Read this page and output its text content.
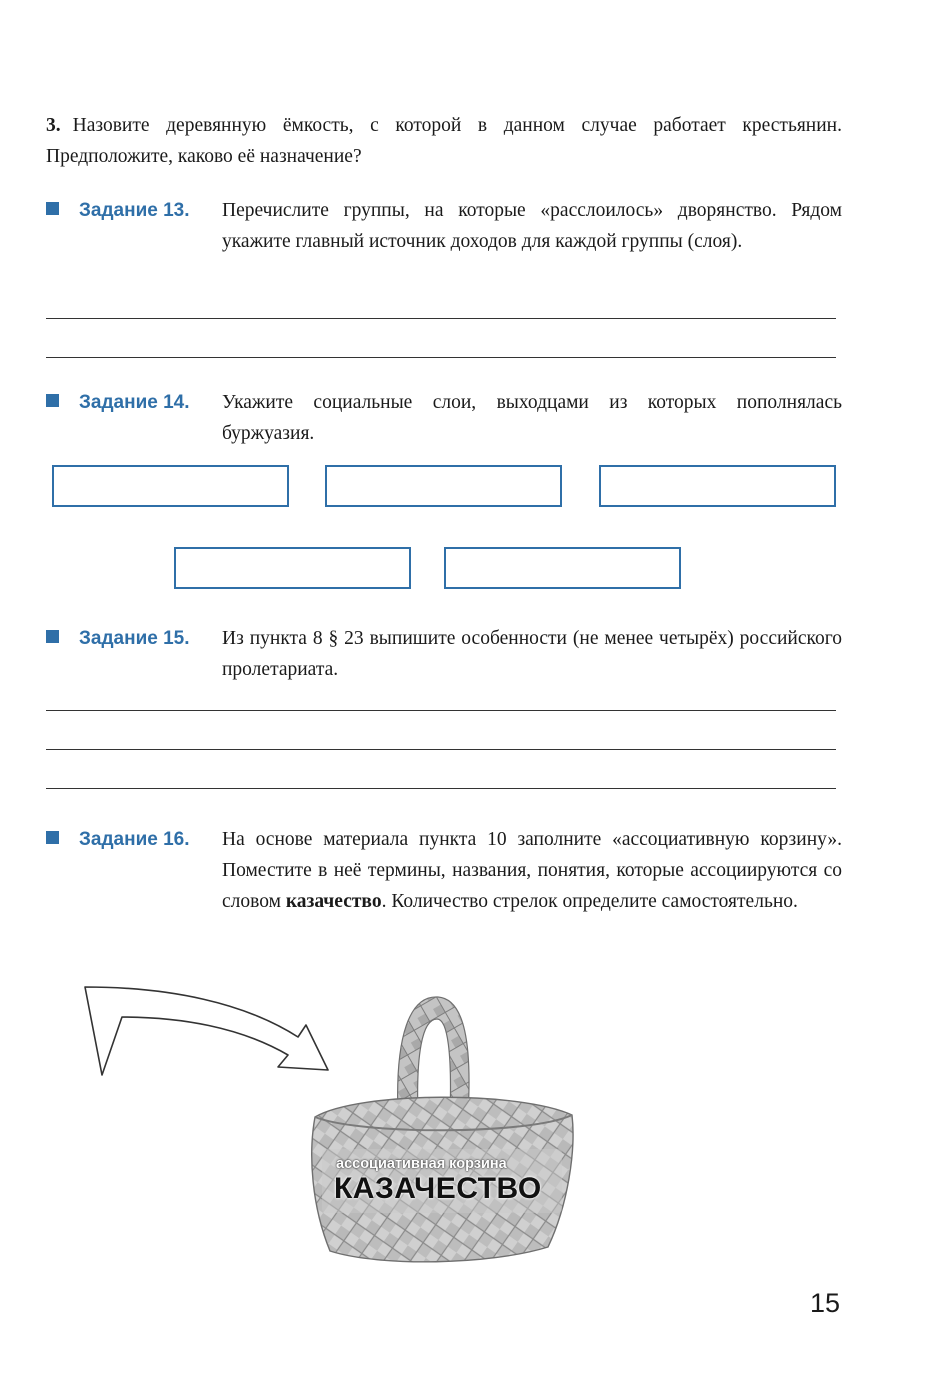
3. Назовите деревянную ёмкость, с которой в данном случае работает крестьянин. Предположите, каково её назначение?
Задание 13.	Перечислите группы, на которые «расслоилось» дворянство. Рядом укажите главный источник доходов для каждой группы (слоя).
Задание 14.	Укажите социальные слои, выходцами из которых пополнялась буржуазия.
Задание 15.	Из пункта 8 § 23 выпишите особенности (не менее четырёх) российского пролетариата.
Задание 16.	На основе материала пункта 10 заполните «ассоциативную корзину». Поместите в неё термины, названия, понятия, которые ассоциируются со словом казачество. Количество стрелок определите самостоятельно.
ассоциативная корзина
КАЗАЧЕСТВО
15
